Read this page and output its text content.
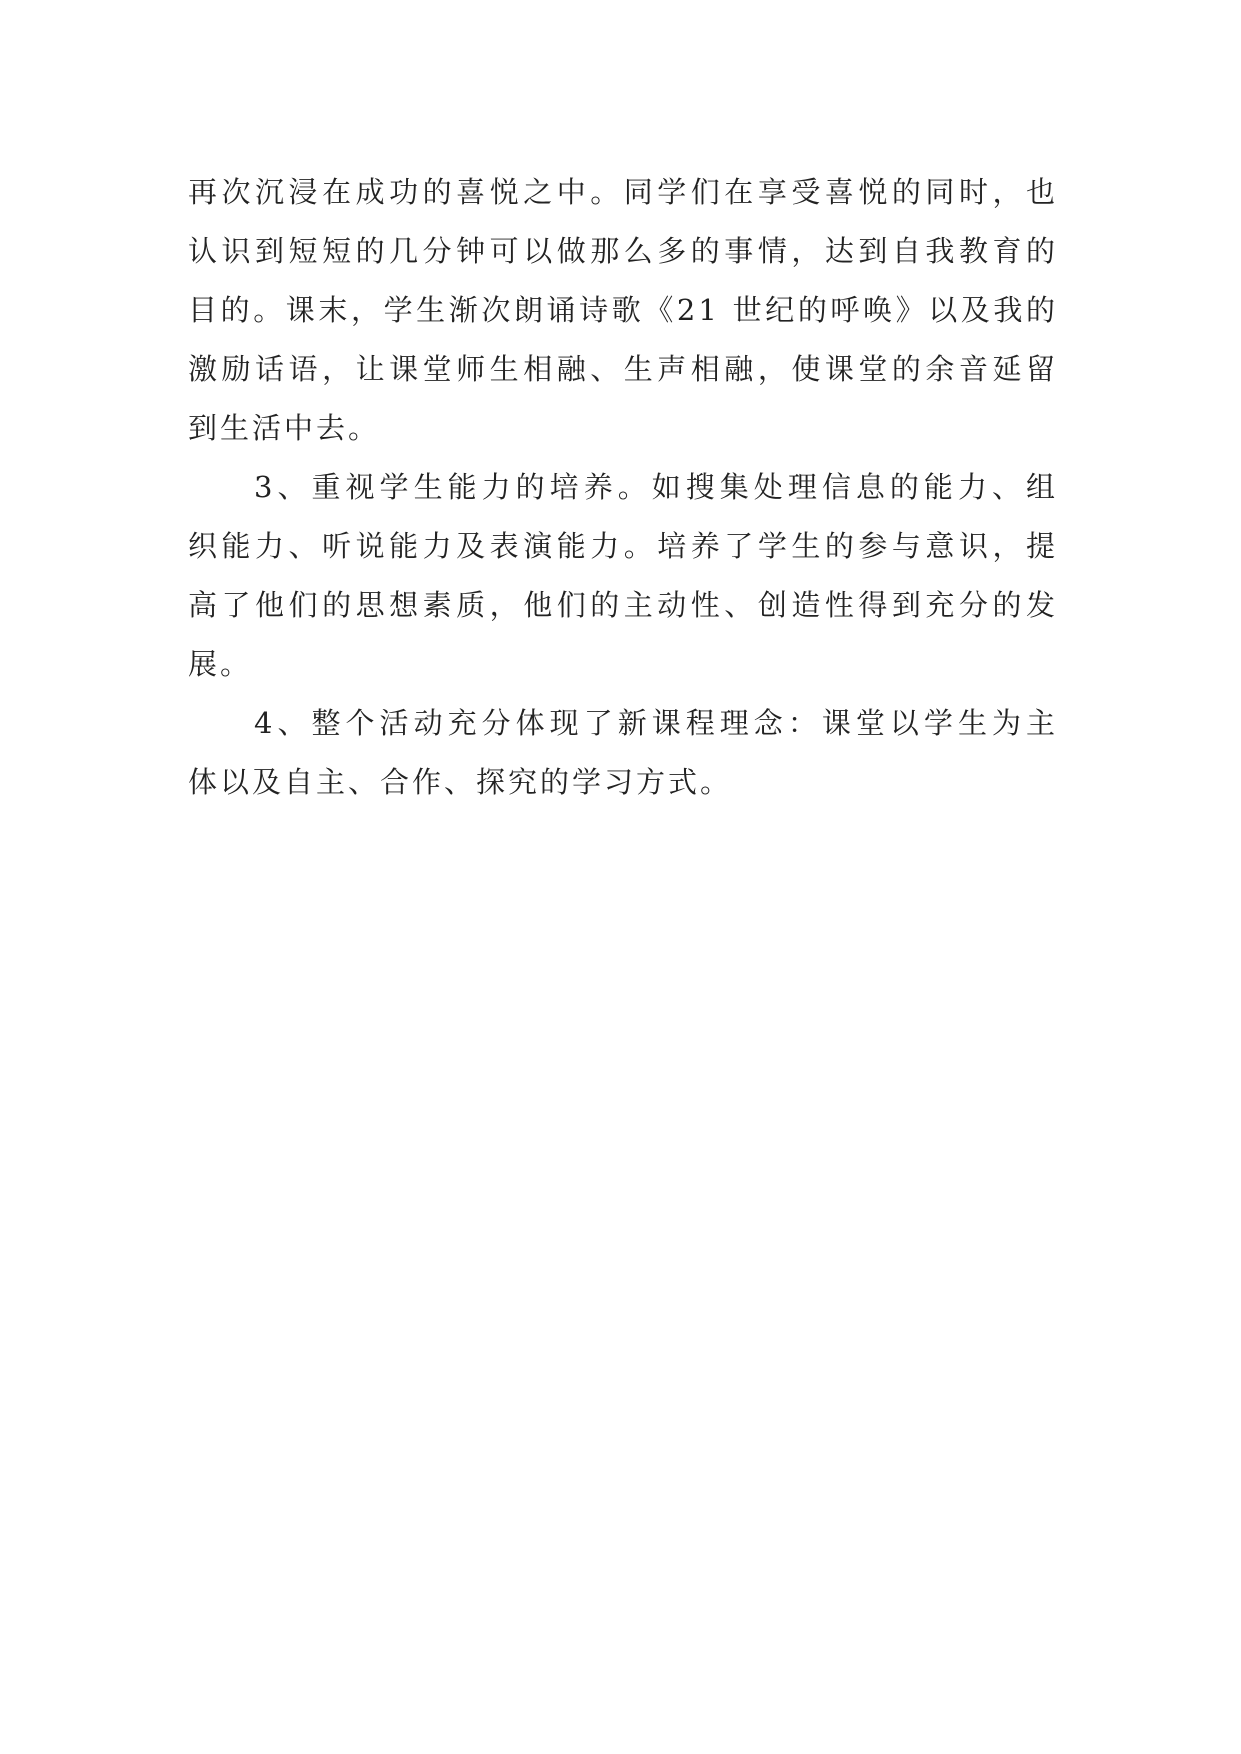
再次沉浸在成功的喜悦之中。同学们在享受喜悦的同时，也
认识到短短的几分钟可以做那么多的事情，达到自我教育的
目的。课末，学生渐次朗诵诗歌《21 世纪的呼唤》以及我的
激励话语，让课堂师生相融、生声相融，使课堂的余音延留
到生活中去。

3、重视学生能力的培养。如搜集处理信息的能力、组
织能力、听说能力及表演能力。培养了学生的参与意识，提
高了他们的思想素质，他们的主动性、创造性得到充分的发
展。

4、整个活动充分体现了新课程理念：课堂以学生为主
体以及自主、合作、探究的学习方式。
